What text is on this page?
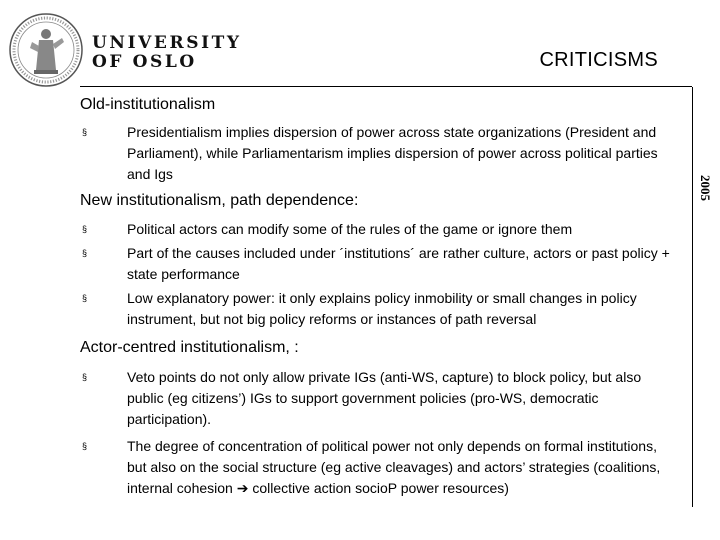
UNIVERSITY
OF OSLO	CRITICISMS
2005
Old-institutionalism
§	Presidentialism implies dispersion of power across state organizations (President and Parliament), while Parliamentarism implies dispersion of power across political parties and Igs
New institutionalism, path dependence:
§	Political actors can modify some of the rules of the game or ignore them
§	Part of the causes included under ´institutions´ are rather culture, actors or past policy + state performance
§	Low explanatory power: it only explains policy inmobility or small changes in policy instrument, but not big policy reforms or instances of path reversal
Actor-centred institutionalism, :
§	Veto points do not only allow private IGs (anti-WS, capture) to block policy, but also public (eg citizens’) IGs to support government policies (pro-WS, democratic participation).
§	The degree of concentration of political power not only depends on formal institutions, but also on the social structure (eg active cleavages) and actors’ strategies (coalitions, internal cohesion ➔ collective action socioP power resources)
